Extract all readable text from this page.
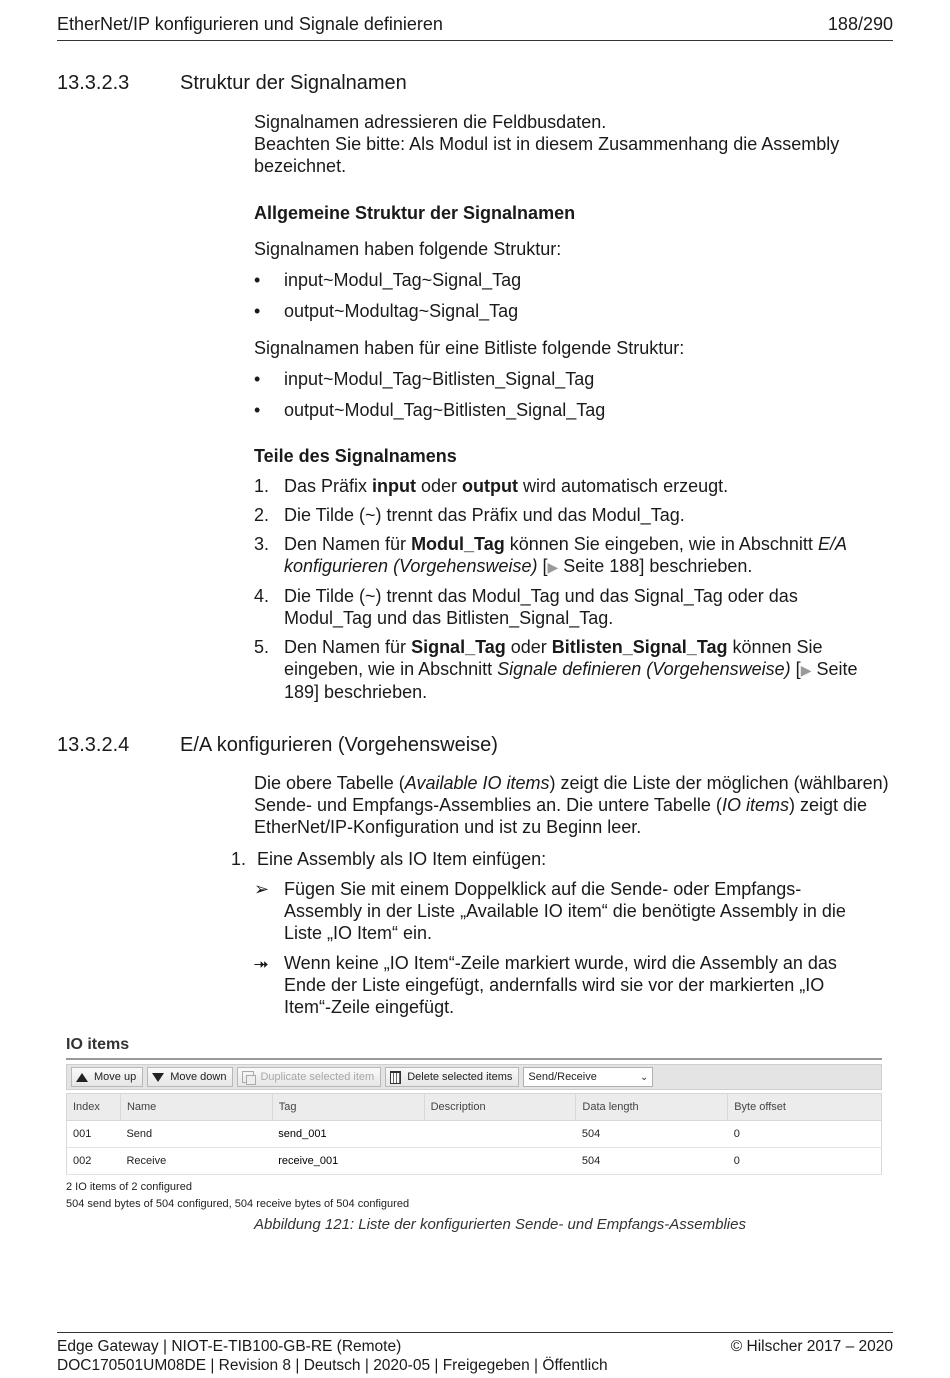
EtherNet/IP konfigurieren und Signale definieren	188/290
13.3.2.3	Struktur der Signalnamen

Signalnamen adressieren die Feldbusdaten.

Beachten Sie bitte: Als Modul ist in diesem Zusammenhang die Assembly bezeichnet.

Allgemeine Struktur der Signalnamen

Signalnamen haben folgende Struktur:

• input~Modul_Tag~Signal_Tag
• output~Modultag~Signal_Tag

Signalnamen haben für eine Bitliste folgende Struktur:

• input~Modul_Tag~Bitlisten_Signal_Tag
• output~Modul_Tag~Bitlisten_Signal_Tag

Teile des Signalnamens

1. Das Präfix input oder output wird automatisch erzeugt.
2. Die Tilde (~) trennt das Präfix und das Modul_Tag.
3. Den Namen für Modul_Tag können Sie eingeben, wie in Abschnitt E/A konfigurieren (Vorgehensweise) [▶ Seite 188] beschrieben.
4. Die Tilde (~) trennt das Modul_Tag und das Signal_Tag oder das Modul_Tag und das Bitlisten_Signal_Tag.
5. Den Namen für Signal_Tag oder Bitlisten_Signal_Tag können Sie eingeben, wie in Abschnitt Signale definieren (Vorgehensweise) [▶ Seite 189] beschrieben.
13.3.2.4	E/A konfigurieren (Vorgehensweise)

Die obere Tabelle (Available IO items) zeigt die Liste der möglichen (wählbaren) Sende- und Empfangs-Assemblies an. Die untere Tabelle (IO items) zeigt die EtherNet/IP-Konfiguration und ist zu Beginn leer.

1. Eine Assembly als IO Item einfügen:

➢ Fügen Sie mit einem Doppelklick auf die Sende- oder Empfangs-Assembly in der Liste „Available IO item“ die benötigte Assembly in die Liste „IO Item“ ein.
⯮ Wenn keine „IO Item“-Zeile markiert wurde, wird die Assembly an das Ende der Liste eingefügt, andernfalls wird sie vor der markierten „IO Item“-Zeile eingefügt.
IO items
Move up	Move down	Duplicate selected item	Delete selected items Send/Receive	⌄
Index	Name	Tag	Description	Data length	Byte offset
001	Send	send_001		504	0
002	Receive	receive_001		504	0
2 IO items of 2 configured
504 send bytes of 504 configured, 504 receive bytes of 504 configured
Abbildung 121: Liste der konfigurierten Sende- und Empfangs-Assemblies
Edge Gateway | NIOT-E-TIB100-GB-RE (Remote)	© Hilscher 2017 – 2020
DOC170501UM08DE | Revision 8 | Deutsch | 2020-05 | Freigegeben | Öffentlich
